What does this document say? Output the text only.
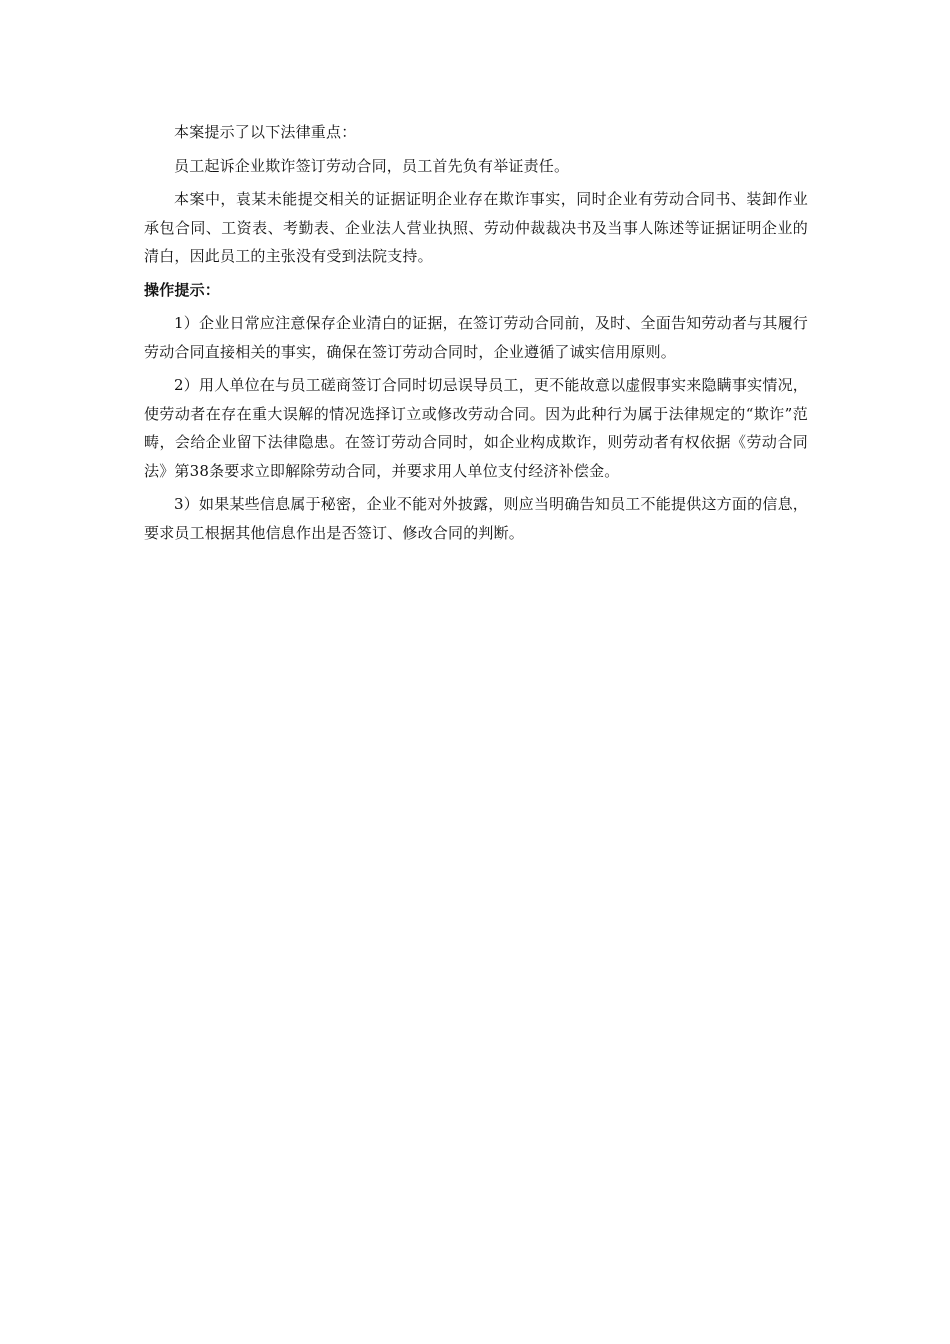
本案提示了以下法律重点：

员工起诉企业欺诈签订劳动合同，员工首先负有举证责任。

本案中，袁某未能提交相关的证据证明企业存在欺诈事实，同时企业有劳动合同书、装卸作业承包合同、工资表、考勤表、企业法人营业执照、劳动仲裁裁决书及当事人陈述等证据证明企业的清白，因此员工的主张没有受到法院支持。

操作提示：

1）企业日常应注意保存企业清白的证据，在签订劳动合同前，及时、全面告知劳动者与其履行劳动合同直接相关的事实，确保在签订劳动合同时，企业遵循了诚实信用原则。

2）用人单位在与员工磋商签订合同时切忌误导员工，更不能故意以虚假事实来隐瞒事实情况，使劳动者在存在重大误解的情况选择订立或修改劳动合同。因为此种行为属于法律规定的“欺诈”范畴，会给企业留下法律隐患。在签订劳动合同时，如企业构成欺诈，则劳动者有权依据《劳动合同法》第38条要求立即解除劳动合同，并要求用人单位支付经济补偿金。

3）如果某些信息属于秘密，企业不能对外披露，则应当明确告知员工不能提供这方面的信息，要求员工根据其他信息作出是否签订、修改合同的判断。
